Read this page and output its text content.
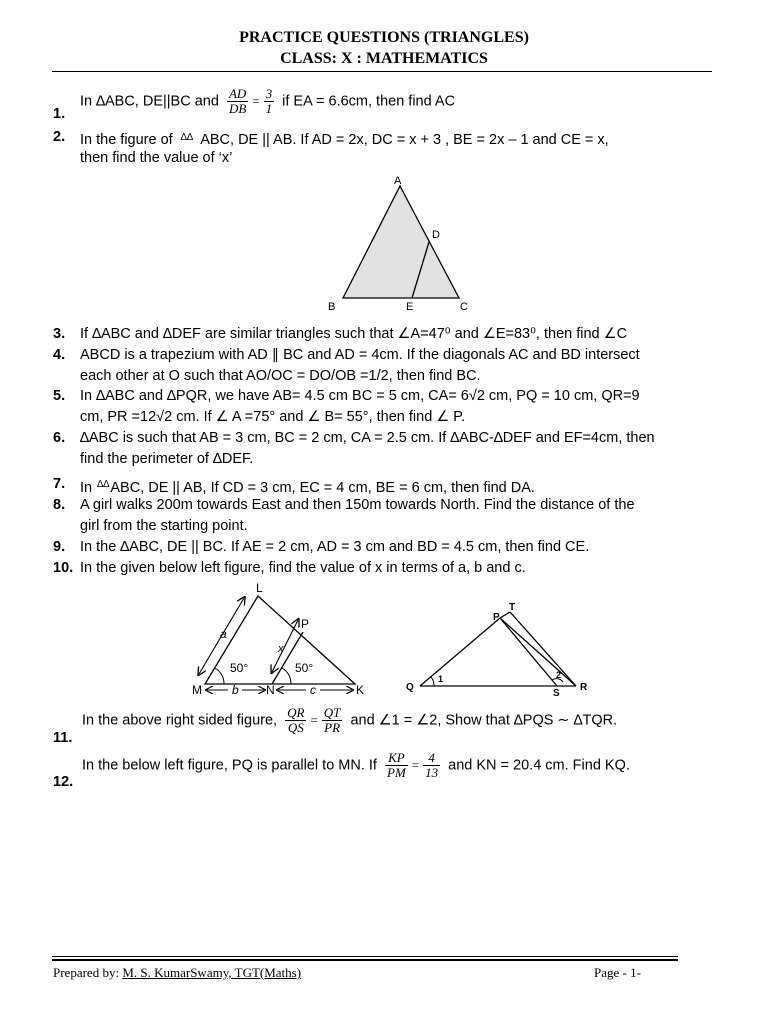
PRACTICE QUESTIONS (TRIANGLES)
CLASS: X : MATHEMATICS
1.
In ∆ABC, DE||BC and $\frac{AD}{DB} = \frac{3}{1}$ if EA = 6.6cm, then find AC
2. In the figure of ∆∆ ABC, DE || AB. If AD = 2x, DC = x + 3 , BE = 2x – 1 and CE = x,
then find the value of ‘x’
A
B	C
D
E
3. If ∆ABC and ∆DEF are similar triangles such that ∠A=47⁰ and ∠E=83⁰, then find ∠C
4. ABCD is a trapezium with AD ∥ BC and AD = 4cm. If the diagonals AC and BD intersect
each other at O such that AO/OC = DO/OB =1/2, then find BC.
5. In ∆ABC and ∆PQR, we have AB= 4.5 cm BC = 5 cm, CA= 6√2 cm, PQ = 10 cm, QR=9
cm, PR =12√2 cm. If ∠ A =75° and ∠ B= 55°, then find ∠ P.
6. ∆ABC is such that AB = 3 cm, BC = 2 cm, CA = 2.5 cm. If ∆ABC-∆DEF and EF=4cm, then
find the perimeter of ∆DEF.
7. In ∆∆ABC, DE || AB, If CD = 3 cm, EC = 4 cm, BE = 6 cm, then find DA.
8. A girl walks 200m towards East and then 150m towards North. Find the distance of the
girl from the starting point.
9. In the ∆ABC, DE || BC. If AE = 2 cm, AD = 3 cm and BD = 4.5 cm, then find CE.
10. In the given below left figure, find the value of x in terms of a, b and c.
L
P
a
x
50°	50°
M	b N	c	K
P
T
Q
1	2
S
R
11.
In the above right sided figure, $\frac{QR}{QS} = \frac{QT}{PR}$ and ∠1 = ∠2, Show that ∆PQS ∼ ∆TQR.
12.
In the below left figure, PQ is parallel to MN. If $\frac{KP}{PM} = \frac{4}{13}$ and KN = 20.4 cm. Find KQ.
Prepared by: M. S. KumarSwamy, TGT(Maths)	Page - 1-
